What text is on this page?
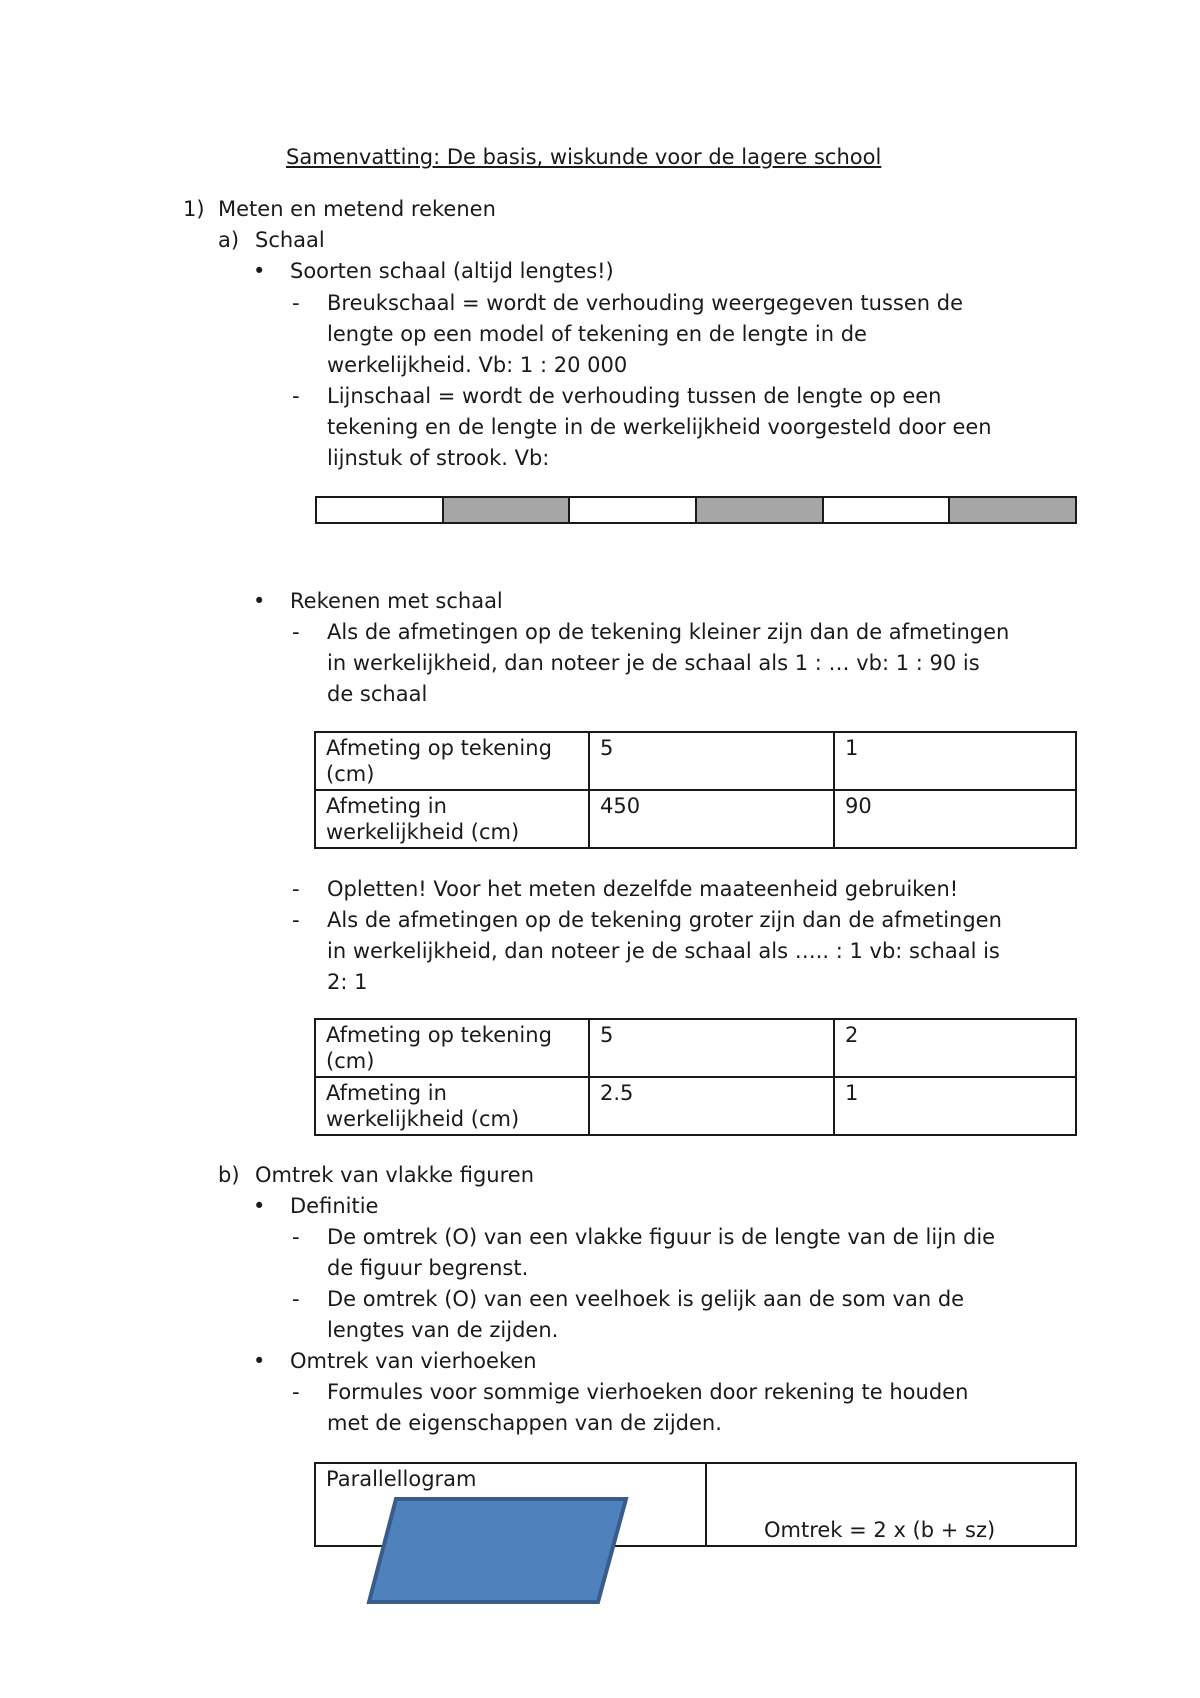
Samenvatting: De basis, wiskunde voor de lagere school
1) Meten en metend rekenen
a) Schaal
• Soorten schaal (altijd lengtes!)
- Breukschaal = wordt de verhouding weergegeven tussen de
lengte op een model of tekening en de lengte in de
werkelijkheid. Vb: 1 : 20 000
- Lijnschaal = wordt de verhouding tussen de lengte op een
tekening en de lengte in de werkelijkheid voorgesteld door een
lijnstuk of strook. Vb:
• Rekenen met schaal
- Als de afmetingen op de tekening kleiner zijn dan de afmetingen
in werkelijkheid, dan noteer je de schaal als 1 : … vb: 1 : 90 is
de schaal
Afmeting op tekening
(cm)	5	1
Afmeting in
werkelijkheid (cm)	450	90
- Opletten! Voor het meten dezelfde maateenheid gebruiken!
- Als de afmetingen op de tekening groter zijn dan de afmetingen
in werkelijkheid, dan noteer je de schaal als ….. : 1 vb: schaal is
2: 1
Afmeting op tekening
(cm)	5	2
Afmeting in
werkelijkheid (cm)	2.5	1
b) Omtrek van vlakke figuren
• Definitie
- De omtrek (O) van een vlakke figuur is de lengte van de lijn die
de figuur begrenst.
- De omtrek (O) van een veelhoek is gelijk aan de som van de
lengtes van de zijden.
• Omtrek van vierhoeken
- Formules voor sommige vierhoeken door rekening te houden
met de eigenschappen van de zijden.
Parallellogram	Omtrek = 2 x (b + sz)
